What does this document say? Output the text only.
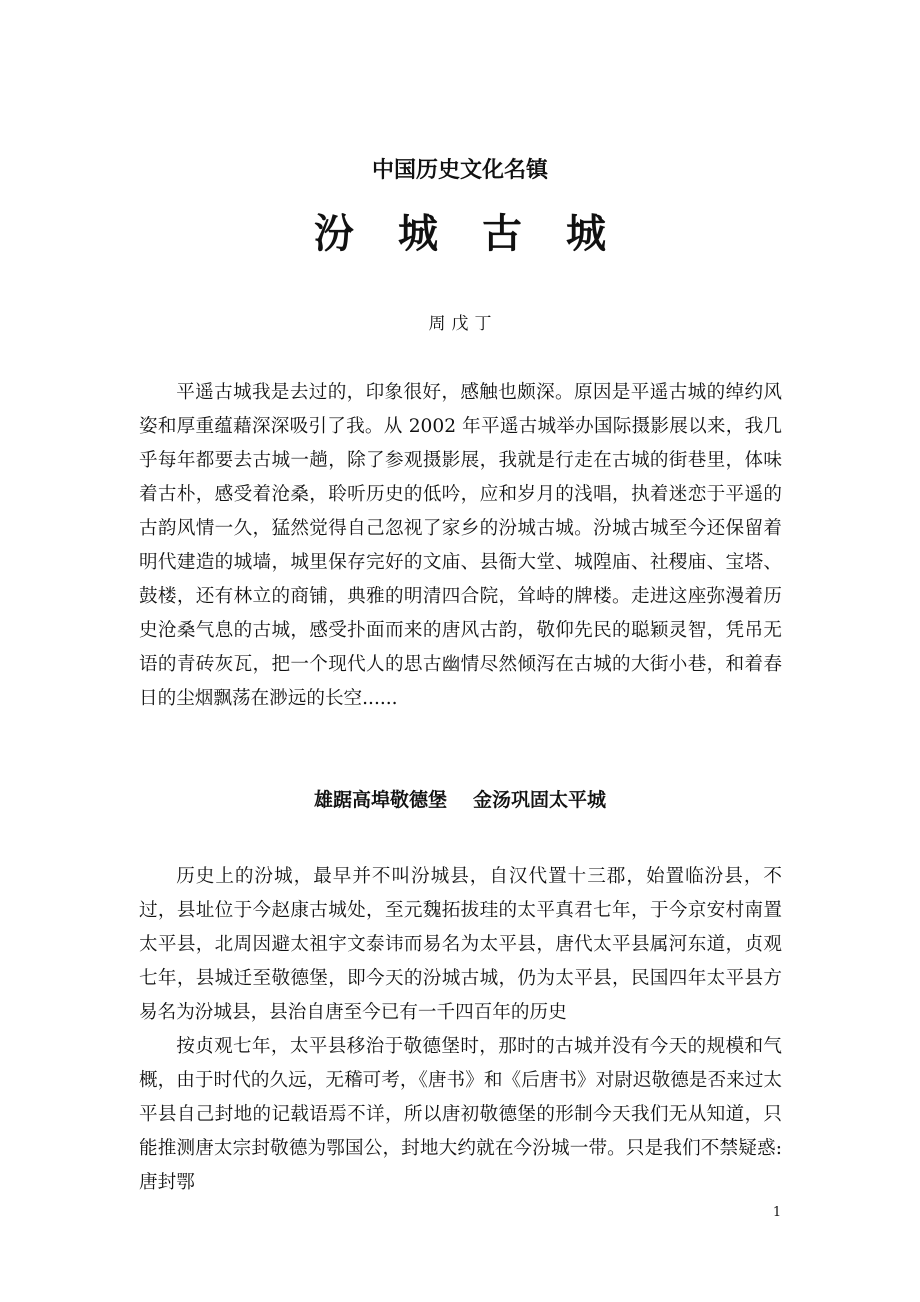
中国历史文化名镇
汾 城 古 城
周 戊 丁

平遥古城我是去过的，印象很好，感触也颇深。原因是平遥古城的绰约风姿和厚重蕴藉深深吸引了我。从 2002 年平遥古城举办国际摄影展以来，我几乎每年都要去古城一趟，除了参观摄影展，我就是行走在古城的街巷里，体味着古朴，感受着沧桑，聆听历史的低吟，应和岁月的浅唱，执着迷恋于平遥的古韵风情一久，猛然觉得自己忽视了家乡的汾城古城。汾城古城至今还保留着明代建造的城墙，城里保存完好的文庙、县衙大堂、城隍庙、社稷庙、宝塔、鼓楼，还有林立的商铺，典雅的明清四合院，耸峙的牌楼。走进这座弥漫着历史沧桑气息的古城，感受扑面而来的唐风古韵，敬仰先民的聪颖灵智，凭吊无语的青砖灰瓦，把一个现代人的思古幽情尽然倾泻在古城的大街小巷，和着春日的尘烟飘荡在渺远的长空......

雄踞高埠敬德堡 金汤巩固太平城

历史上的汾城，最早并不叫汾城县，自汉代置十三郡，始置临汾县，不过，县址位于今赵康古城处，至元魏拓拔珪的太平真君七年，于今京安村南置太平县，北周因避太祖宇文泰讳而易名为太平县，唐代太平县属河东道，贞观七年，县城迁至敬德堡，即今天的汾城古城，仍为太平县，民国四年太平县方易名为汾城县，县治自唐至今已有一千四百年的历史

按贞观七年，太平县移治于敬德堡时，那时的古城并没有今天的规模和气概，由于时代的久远，无稽可考，《唐书》和《后唐书》对尉迟敬德是否来过太平县自己封地的记载语焉不详，所以唐初敬德堡的形制今天我们无从知道，只能推测唐太宗封敬德为鄂国公，封地大约就在今汾城一带。只是我们不禁疑惑: 唐封鄂

1
